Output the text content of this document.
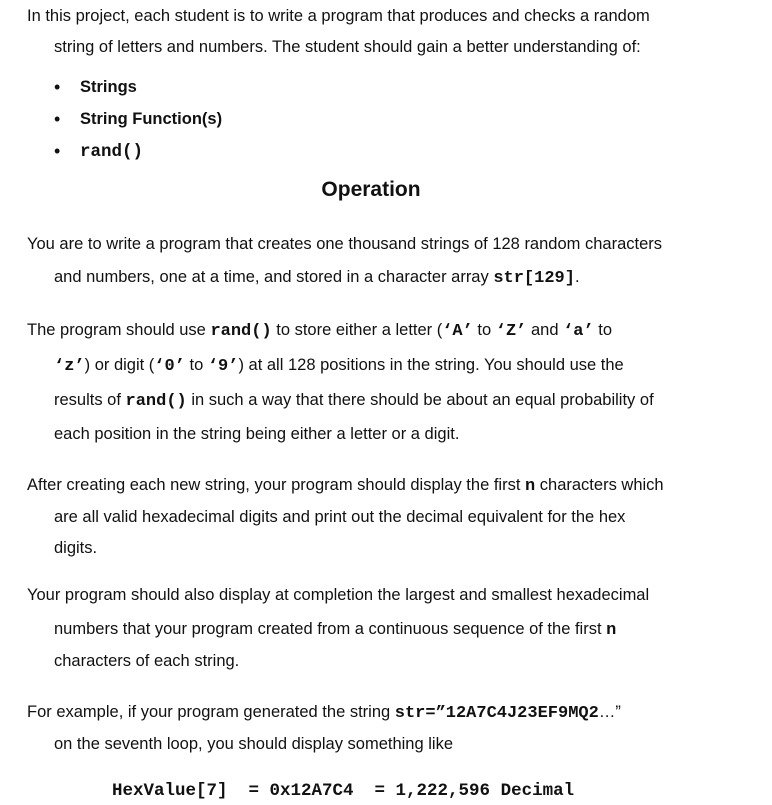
In this project, each student is to write a program that produces and checks a random
string of letters and numbers. The student should gain a better understanding of:
• Strings
• String Function(s)
• rand()
Operation
You are to write a program that creates one thousand strings of 128 random characters
and numbers, one at a time, and stored in a character array str[129].
The program should use rand() to store either a letter (‘A’ to ‘Z’ and ‘a’ to
‘z’) or digit (‘0’ to ‘9’) at all 128 positions in the string. You should use the
results of rand() in such a way that there should be about an equal probability of
each position in the string being either a letter or a digit.
After creating each new string, your program should display the first n characters which
are all valid hexadecimal digits and print out the decimal equivalent for the hex
digits.
Your program should also display at completion the largest and smallest hexadecimal
numbers that your program created from a continuous sequence of the first n
characters of each string.
For example, if your program generated the string str=”12A7C4J23EF9MQ2…”
on the seventh loop, you should display something like
HexValue[7]  = 0x12A7C4  = 1,222,596 Decimal
